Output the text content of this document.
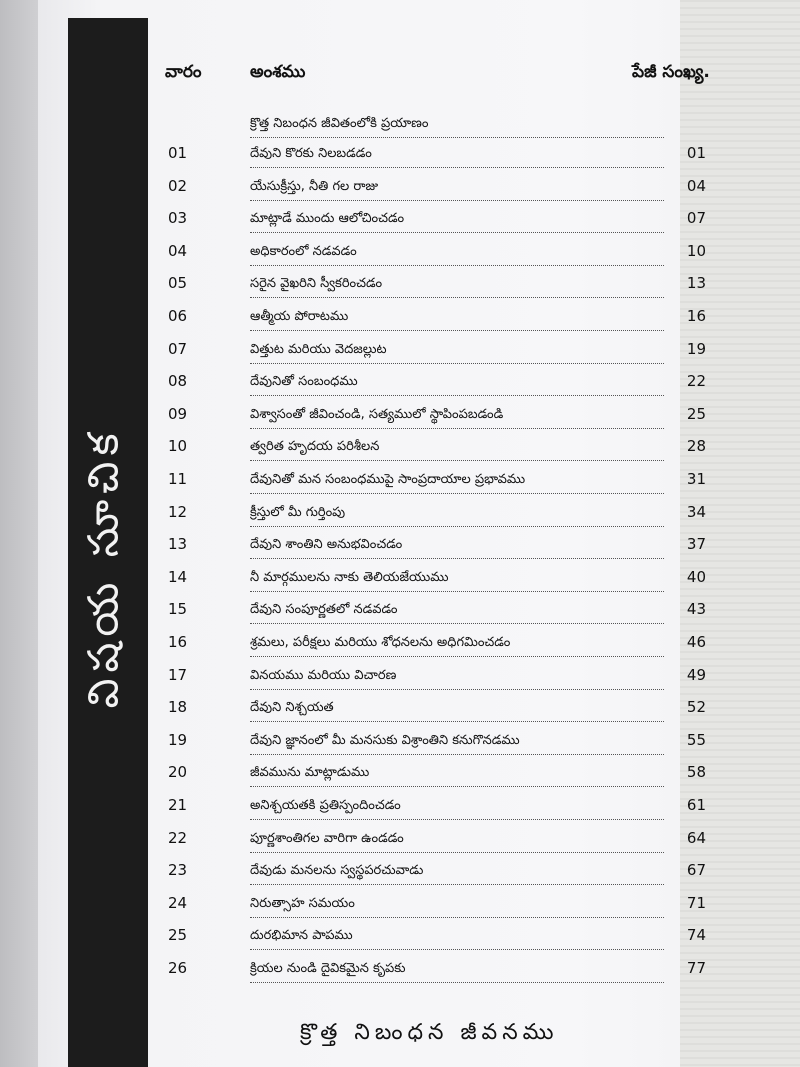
విషయ సూచిక
వారం	అంశము	పేజీ సంఖ్య.
క్రొత్త నిబంధన జీవితంలోకి ప్రయాణం
01	దేవుని కొరకు నిలబడడం	01
02	యేసుక్రీస్తు, నీతి గల రాజు	04
03	మాట్లాడే ముందు ఆలోచించడం	07
04	అధికారంలో నడవడం	10
05	సరైన వైఖరిని స్వీకరించడం	13
06	ఆత్మీయ పోరాటము	16
07	విత్తుట మరియు వెదజల్లుట	19
08	దేవునితో సంబంధము	22
09	విశ్వాసంతో జీవించండి, సత్యములో స్థాపింపబడండి	25
10	త్వరిత హృదయ పరిశీలన	28
11	దేవునితో మన సంబంధముపై సాంప్రదాయాల ప్రభావము	31
12	క్రీస్తులో మీ గుర్తింపు	34
13	దేవుని శాంతిని అనుభవించడం	37
14	నీ మార్గములను నాకు తెలియజేయుము	40
15	దేవుని సంపూర్ణతలో నడవడం	43
16	శ్రమలు, పరీక్షలు మరియు శోధనలను అధిగమించడం	46
17	వినయము మరియు విచారణ	49
18	దేవుని నిశ్చయత	52
19	దేవుని జ్ఞానంలో మీ మనసుకు విశ్రాంతిని కనుగొనడము	55
20	జీవమును మాట్లాడుము	58
21	అనిశ్చయతకి ప్రతిస్పందించడం	61
22	పూర్ణశాంతిగల వారిగా ఉండడం	64
23	దేవుడు మనలను స్వస్థపరచువాడు	67
24	నిరుత్సాహ సమయం	71
25	దురభిమాన పాపము	74
26	క్రియల నుండి దైవికమైన కృపకు	77
క్రొత్త నిబంధన జీవనము
